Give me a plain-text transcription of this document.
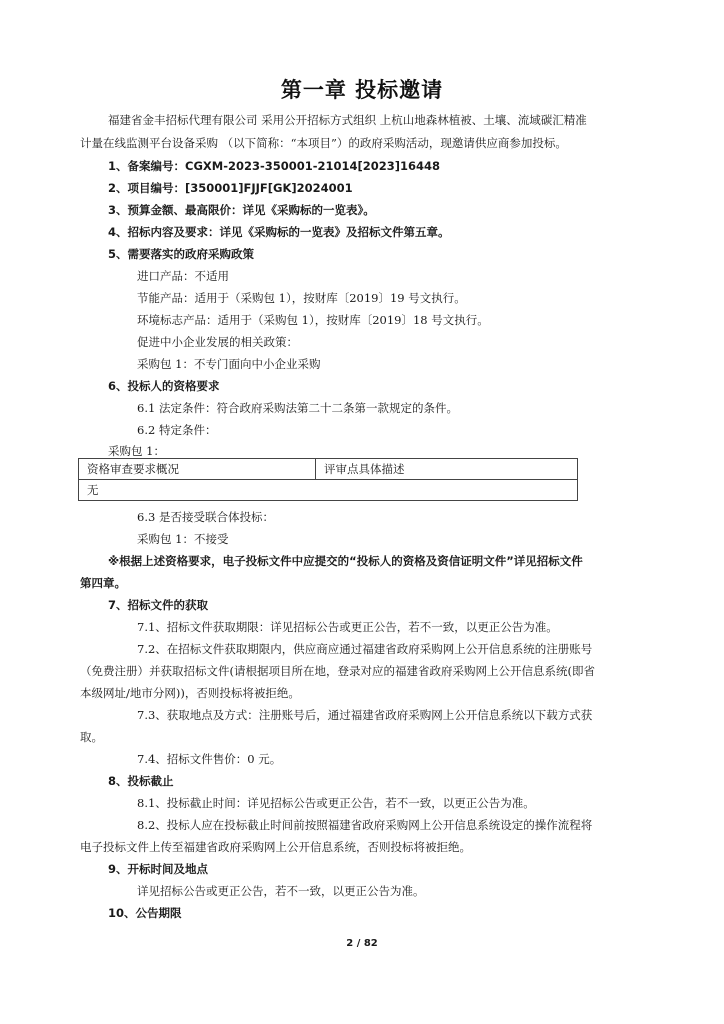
第一章 投标邀请
福建省金丰招标代理有限公司 采用公开招标方式组织 上杭山地森林植被、土壤、流域碳汇精准
计量在线监测平台设备采购 （以下简称：“本项目”）的政府采购活动，现邀请供应商参加投标。
1、备案编号：CGXM-2023-350001-21014[2023]16448
2、项目编号：[350001]FJJF[GK]2024001
3、预算金额、最高限价：详见《采购标的一览表》。
4、招标内容及要求：详见《采购标的一览表》及招标文件第五章。
5、需要落实的政府采购政策
进口产品：不适用
节能产品：适用于（采购包 1），按财库〔2019〕19 号文执行。
环境标志产品：适用于（采购包 1），按财库〔2019〕18 号文执行。
促进中小企业发展的相关政策：
采购包 1：不专门面向中小企业采购
6、投标人的资格要求
6.1 法定条件：符合政府采购法第二十二条第一款规定的条件。
6.2 特定条件：
采购包 1：
资格审查要求概况	评审点具体描述
无
6.3 是否接受联合体投标：
采购包 1：不接受
※根据上述资格要求，电子投标文件中应提交的“投标人的资格及资信证明文件”详见招标文件
第四章。
7、招标文件的获取
7.1、招标文件获取期限：详见招标公告或更正公告，若不一致，以更正公告为准。
7.2、在招标文件获取期限内，供应商应通过福建省政府采购网上公开信息系统的注册账号
（免费注册）并获取招标文件(请根据项目所在地，登录对应的福建省政府采购网上公开信息系统(即省
本级网址/地市分网))，否则投标将被拒绝。
7.3、获取地点及方式：注册账号后，通过福建省政府采购网上公开信息系统以下载方式获
取。
7.4、招标文件售价：0 元。
8、投标截止
8.1、投标截止时间：详见招标公告或更正公告，若不一致，以更正公告为准。
8.2、投标人应在投标截止时间前按照福建省政府采购网上公开信息系统设定的操作流程将
电子投标文件上传至福建省政府采购网上公开信息系统，否则投标将被拒绝。
9、开标时间及地点
详见招标公告或更正公告，若不一致，以更正公告为准。
10、公告期限
2 / 82
